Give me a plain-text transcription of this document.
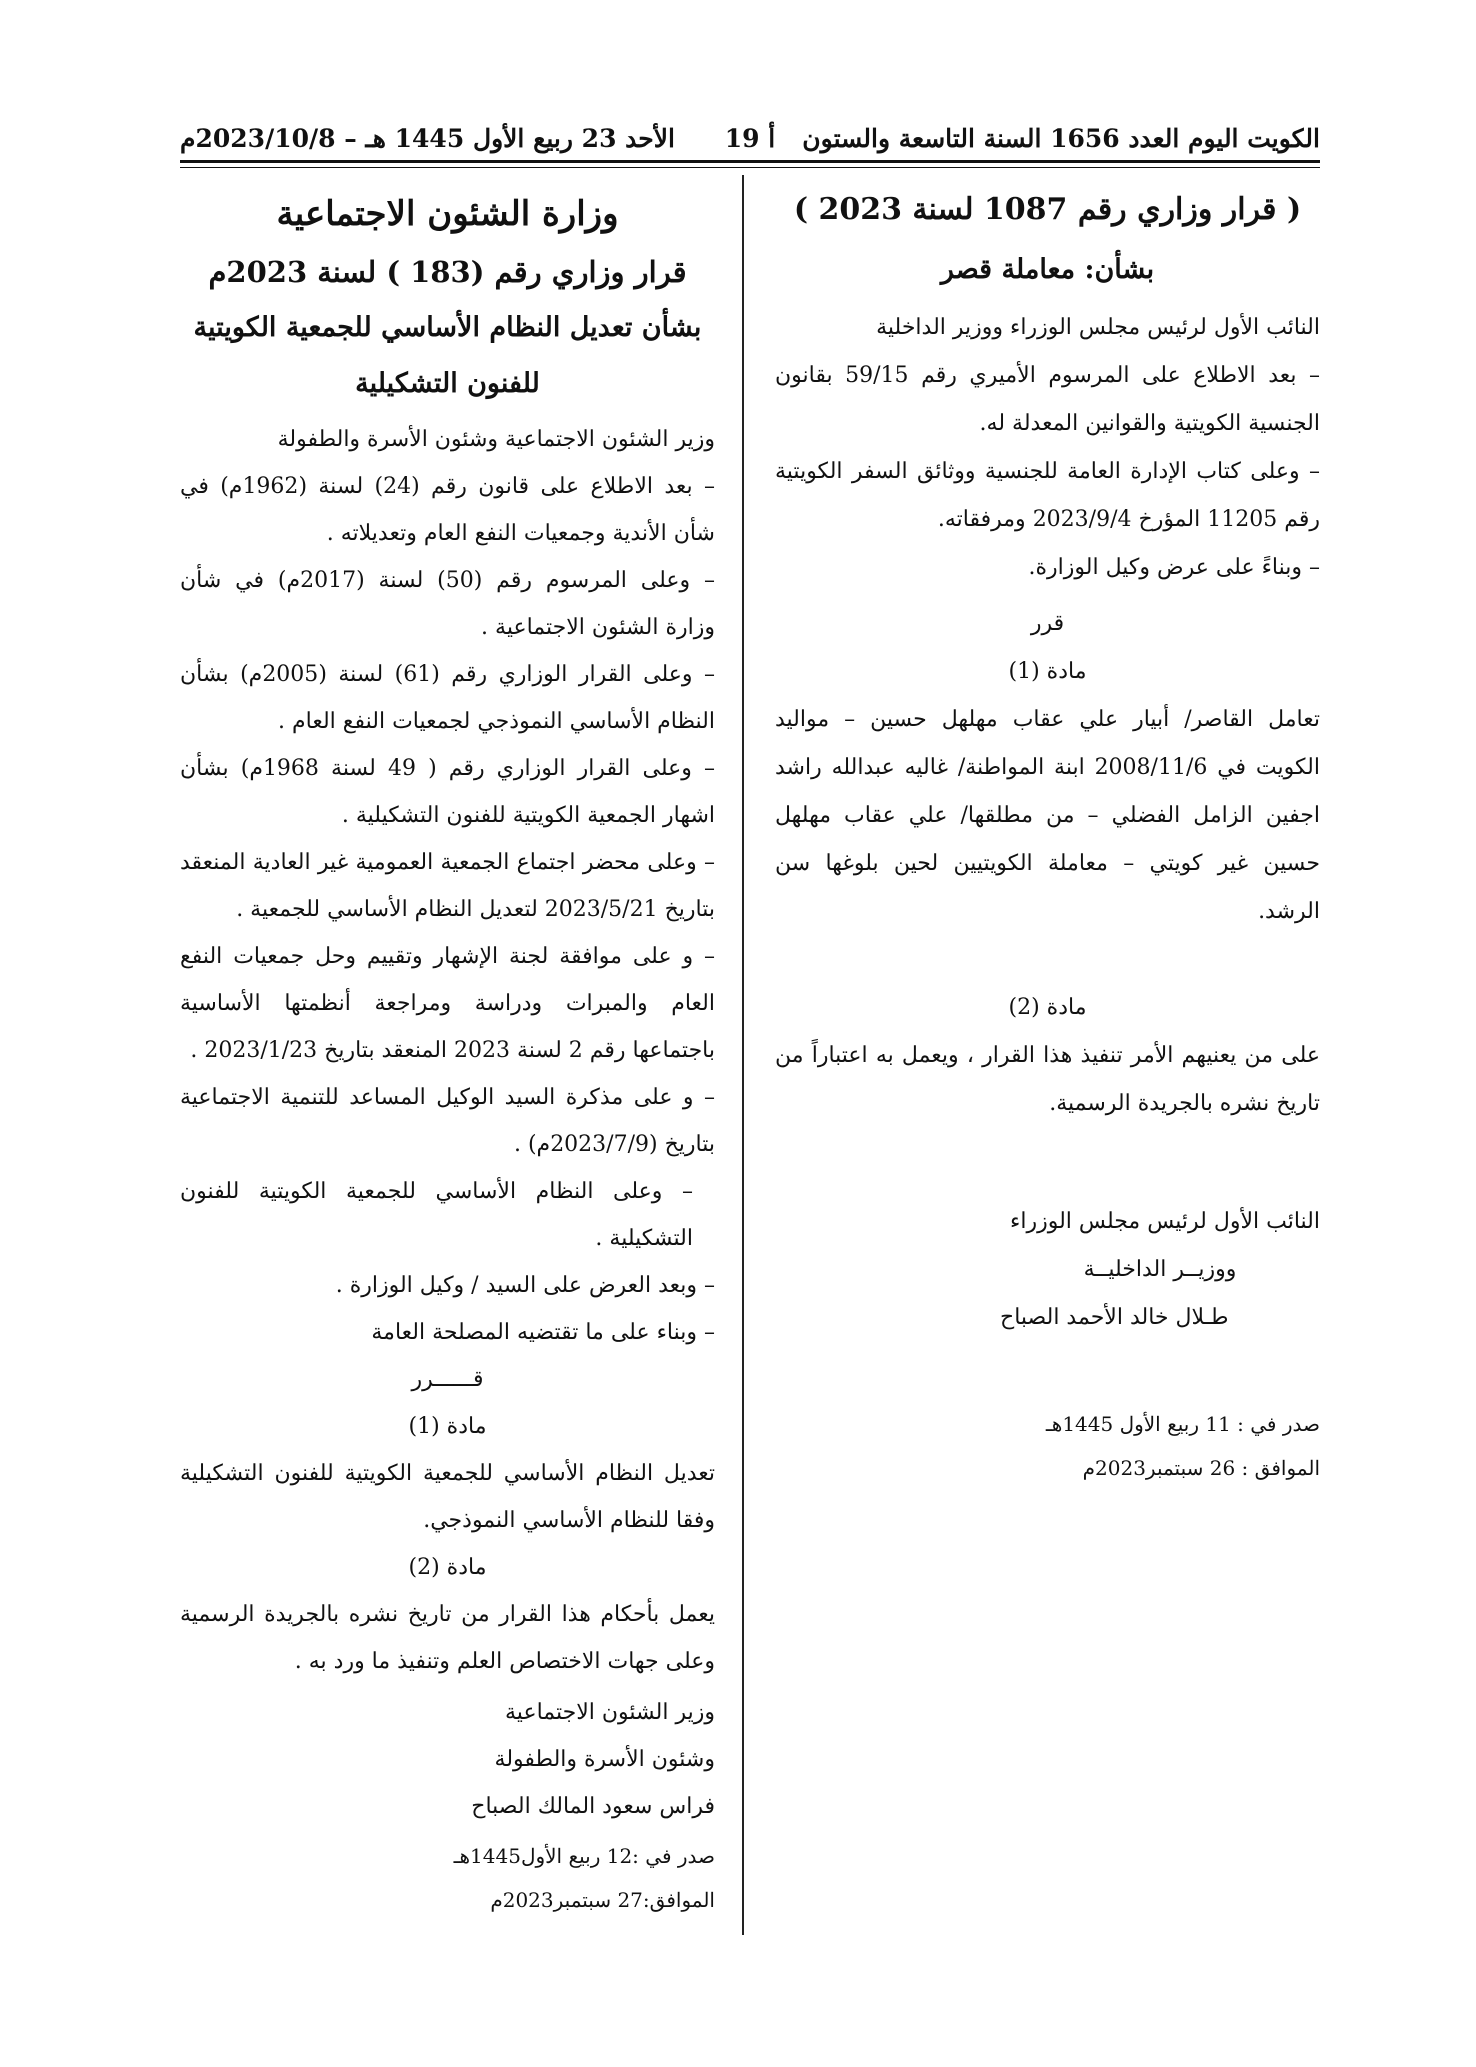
الكويت اليوم العدد 1656 السنة التاسعة والستون
أ 19
الأحد 23 ربيع الأول 1445 هـ – 2023/10/8م

( قرار وزاري رقم 1087 لسنة 2023 )

بشأن: معاملة قصر

النائب الأول لرئيس مجلس الوزراء ووزير الداخلية

– بعد الاطلاع على المرسوم الأميري رقم 59/15 بقانون الجنسية الكويتية والقوانين المعدلة له.

– وعلى كتاب الإدارة العامة للجنسية ووثائق السفر الكويتية رقم 11205 المؤرخ 2023/9/4 ومرفقاته.

– وبناءً على عرض وكيل الوزارة.

قرر

مادة (1)

تعامل القاصر/ أبيار علي عقاب مهلهل حسين – مواليد الكويت في 2008/11/6 ابنة المواطنة/ غاليه عبدالله راشد اجفين الزامل الفضلي – من مطلقها/ علي عقاب مهلهل حسين غير كويتي – معاملة الكويتيين لحين بلوغها سن الرشد.

مادة (2)

على من يعنيهم الأمر تنفيذ هذا القرار ، ويعمل به اعتباراً من تاريخ نشره بالجريدة الرسمية.

النائب الأول لرئيس مجلس الوزراء

ووزيــر الداخليــة

طـلال خالد الأحمد الصباح

صدر في : 11 ربيع الأول 1445هـ

الموافق : 26 سبتمبر2023م

وزارة الشئون الاجتماعية

قرار وزاري رقم (183 ) لسنة 2023م

بشأن تعديل النظام الأساسي للجمعية الكويتية للفنون التشكيلية

وزير الشئون الاجتماعية وشئون الأسرة والطفولة

– بعد الاطلاع على قانون رقم (24) لسنة (1962م) في شأن الأندية وجمعيات النفع العام وتعديلاته .

– وعلى المرسوم رقم (50) لسنة (2017م) في شأن وزارة الشئون الاجتماعية .

– وعلى القرار الوزاري رقم (61) لسنة (2005م) بشأن النظام الأساسي النموذجي لجمعيات النفع العام .

– وعلى القرار الوزاري رقم ( 49 لسنة 1968م) بشأن اشهار الجمعية الكويتية للفنون التشكيلية .

– وعلى محضر اجتماع الجمعية العمومية غير العادية المنعقد بتاريخ 2023/5/21 لتعديل النظام الأساسي للجمعية .

– و على موافقة لجنة الإشهار وتقييم وحل جمعيات النفع العام والمبرات ودراسة ومراجعة أنظمتها الأساسية باجتماعها رقم 2 لسنة 2023 المنعقد بتاريخ 2023/1/23 .

– و على مذكرة السيد الوكيل المساعد للتنمية الاجتماعية بتاريخ (2023/7/9م) .

– وعلى النظام الأساسي للجمعية الكويتية للفنون التشكيلية .

– وبعد العرض على السيد / وكيل الوزارة .

– وبناء على ما تقتضيه المصلحة العامة

قــــــرر

مادة (1)

تعديل النظام الأساسي للجمعية الكويتية للفنون التشكيلية وفقا للنظام الأساسي النموذجي.

مادة (2)

يعمل بأحكام هذا القرار من تاريخ نشره بالجريدة الرسمية وعلى جهات الاختصاص العلم وتنفيذ ما ورد به .

وزير الشئون الاجتماعية

وشئون الأسرة والطفولة

فراس سعود المالك الصباح

صدر في :12 ربيع الأول1445هـ

الموافق:27 سبتمبر2023م
